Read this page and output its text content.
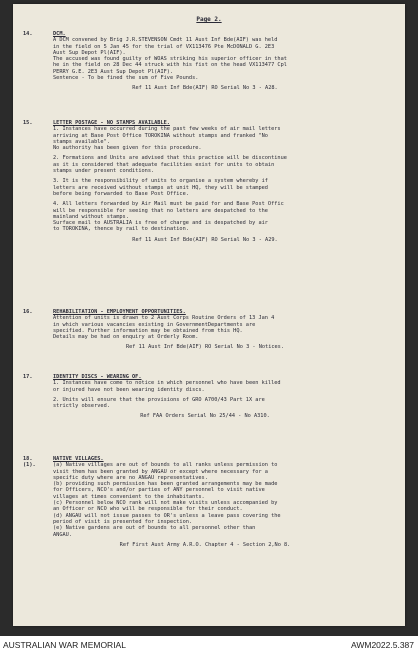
Page 2.
14.	DCM.
A DCM convened by Brig J.R.STEVENSON Cmdt 11 Aust Inf Bde(AIF) was held
in the field on 5 Jan 45 for the trial of VX113476 Pte McDONALD G. 2E3
Aust Sup Depot Pl(AIF).
The accused was found guilty of WOAS striking his superior officer in that
he in the field on 28 Dec 44 struck with his fist on the head VX113477 Cpl
PERRY G.E. 2E3 Aust Sup Depot Pl(AIF).
Sentence - To be fined the sum of Five Pounds.
Ref 11 Aust Inf Bde(AIF) RO Serial No 3 - A28.
15.	LETTER POSTAGE - NO STAMPS AVAILABLE.
1. Instances have occurred during the past few weeks of air mail letters
arriving at Base Post Office TOROKINA without stamps and franked "No
stamps available".
No authority has been given for this procedure.
2. Formations and Units are advised that this practice will be discontinue
as it is considered that adequate facilities exist for units to obtain
stamps under present conditions.
3. It is the responsibility of units to organise a system whereby if
letters are received without stamps at unit HQ, they will be stamped
before being forwarded to Base Post Office.
4. All letters forwarded by Air Mail must be paid for and Base Post Offic
will be responsible for seeing that no letters are despatched to the
mainland without stamps.
Surface mail to AUSTRALIA is free of charge and is despatched by air
to TOROKINA, thence by rail to destination.
Ref 11 Aust Inf Bde(AIF) RO Serial No 3 - A29.
16.	REHABILITATION - EMPLOYMENT OPPORTUNITIES.
Attention of units is drawn to 2 Aust Corps Routine Orders of 13 Jan 4
in which various vacancies existing in GovernmentDepartments are
specified. Further information may be obtained from this HQ.
Details may be had on enquiry at Orderly Room.
Ref 11 Aust Inf Bde(AIF) RO Serial No 3 - Notices.
17.	IDENTITY DISCS - WEARING OF.
1. Instances have come to notice in which personnel who have been killed
or injured have not been wearing identity discs.
2. Units will ensure that the provisions of GRO A700/43 Part 1X are
strictly observed.
Ref FAA Orders Serial No 25/44 - No A310.
18.
(1).
NATIVE VILLAGES.
(a) Native villages are out of bounds to all ranks unless permission to
visit them has been granted by ANGAU or except where necessary for a
specific duty where are no ANGAU representatives.
(b) providing such permission has been granted arrangements may be made
for Officers, NCO's and/or parties of ANY personnel to visit native
villages at times convenient to the inhabitants.
(c) Personnel below NCO rank will not make visits unless accompanied by
an Officer or NCO who will be responsible for their conduct.
(d) ANGAU will not issue passes to OR's unless a leave pass covering the
period of visit is presented for inspection.
(e) Native gardens are out of bounds to all personnel other than
ANGAU.
Ref First Aust Army A.R.O. Chapter 4 - Section 2,No 8.
AUSTRALIAN WAR MEMORIAL	AWM2022.5.387
